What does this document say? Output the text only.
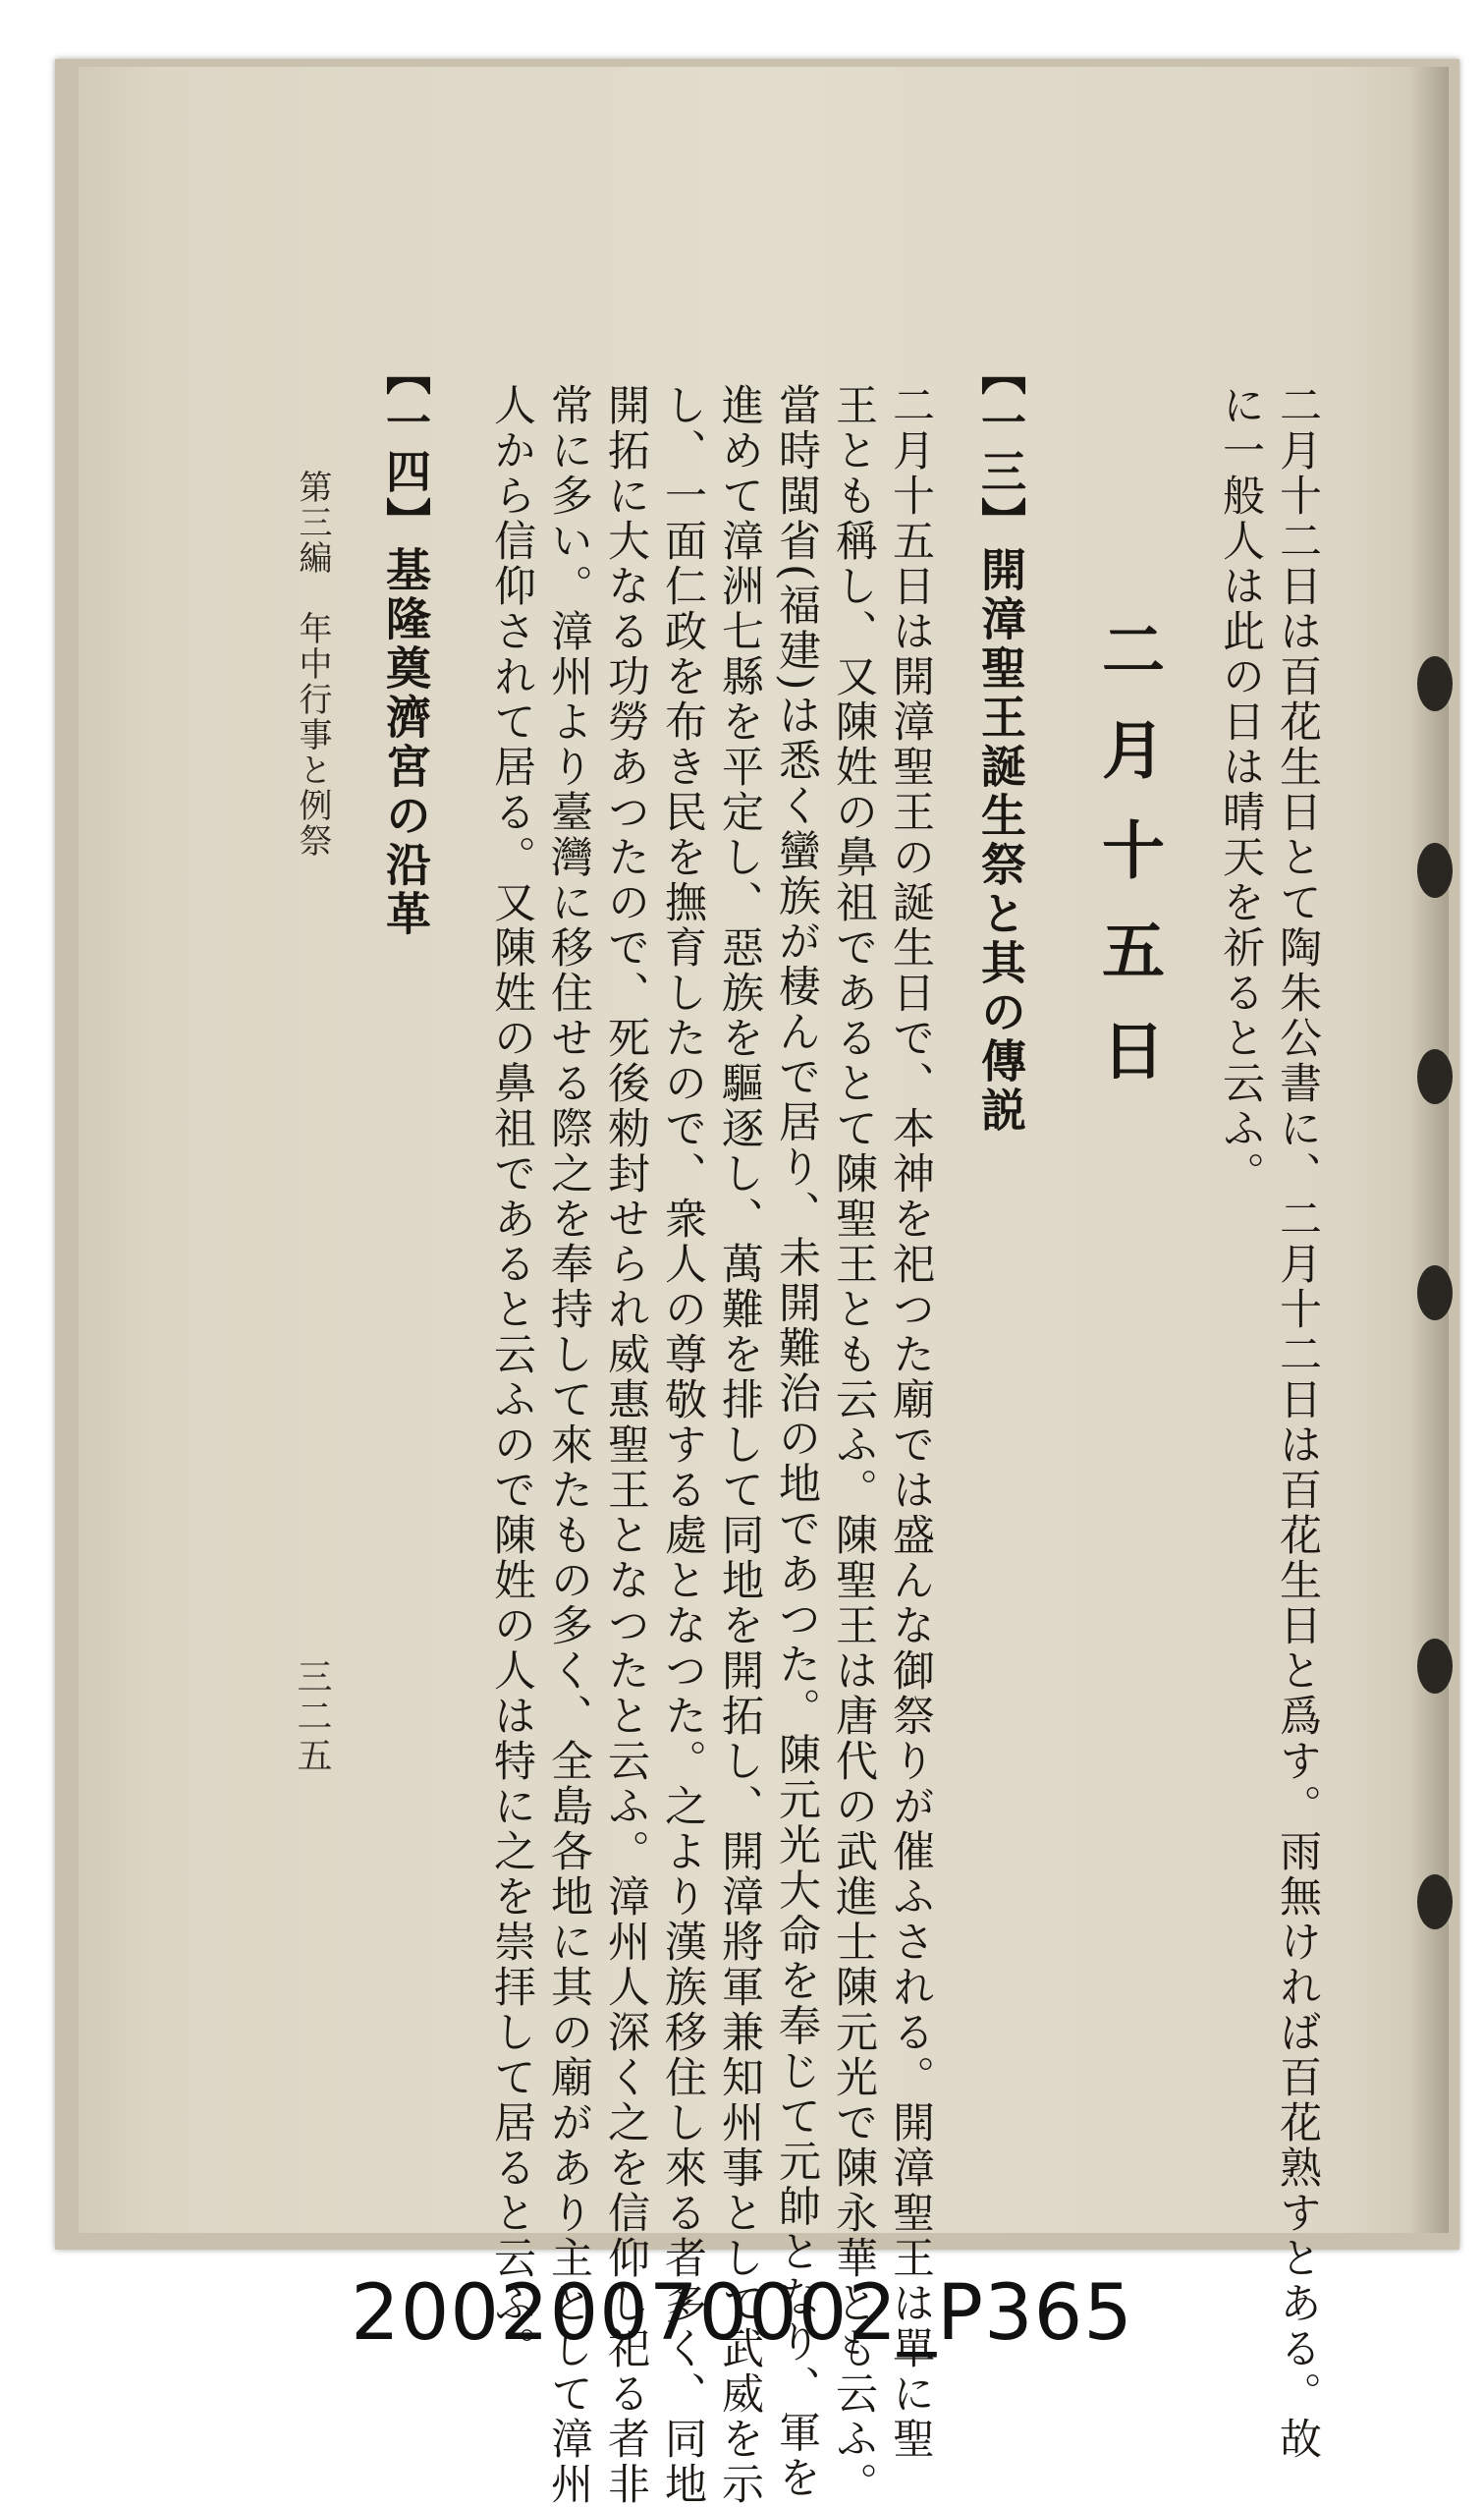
二月十二日は百花生日とて陶朱公書に、二月十二日は百花生日と爲す。雨無ければ百花熟すとある。故
に一般人は此の日は晴天を祈ると云ふ。
二月十五日
【一三】開漳聖王誕生祭と其の傳説
二月十五日は開漳聖王の誕生日で、本神を祀つた廟では盛んな御祭りが催ふされる。開漳聖王は單に聖
王とも稱し、又陳姓の鼻祖であるとて陳聖王とも云ふ。陳聖王は唐代の武進士陳元光で陳永華とも云ふ。
當時閩省(福建)は悉く蠻族が棲んで居り、未開難治の地であつた。陳元光大命を奉じて元帥となり、軍を
進めて漳洲七縣を平定し、惡族を驅逐し、萬難を排して同地を開拓し、開漳將軍兼知州事として武威を示
し、一面仁政を布き民を撫育したので、衆人の尊敬する處となつた。之より漢族移住し來る者多く、同地
開拓に大なる功勞あつたので、死後勑封せられ威惠聖王となつたと云ふ。漳州人深く之を信仰し祀る者非
常に多い。漳州より臺灣に移住せる際之を奉持して來たもの多く、全島各地に其の廟があり主として漳州
人から信仰されて居る。又陳姓の鼻祖であると云ふので陳姓の人は特に之を崇拝して居ると云ふ。
【一四】基隆奠濟宮の沿革
第三編　年中行事と例祭
三二五
20020070002_P365
